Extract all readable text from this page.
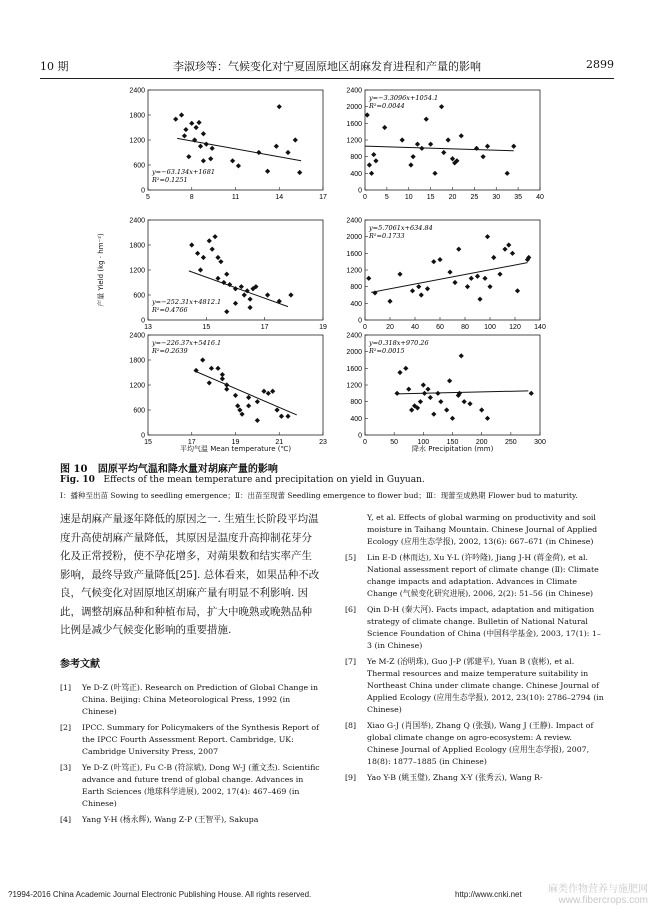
10 期	李淑珍等：气候变化对宁夏固原地区胡麻发育进程和产量的影响	2899
5	8	11	14	17
0
600
1200
1800
2400
y=−63.134x+1681
R²=0.1251
0	5 10 15 20 25 30 35 40
0
400
800
1200
1600
2000
2400
y=−3.3096x+1054.1
R²=0.0044
13	15	17	19
0
600
1200
1800
2400
y=−252.31x+4812.1
R²=0.4766
0	20 40 60 80 100 120 140
0
400
800
1200
1600
2000
2400
y=5.7061x+634.84
R²=0.1733
15	17	19	21	23
0
600
1200
1800
2400
y=−226.37x+5416.1
R²=0.2639
0	50	100 150 200 250 300
0
400
800
1200
1600
2000
2400
y=0.318x+970.26
R²=0.0015
产量 Yield (kg · hm⁻²)
平均气温 Mean temperature (℃)	降水 Precipitation (mm)
图 10 固原平均气温和降水量对胡麻产量的影响
Fig. 10 Effects of the mean temperature and precipitation on yield in Guyuan.
Ⅰ：播种至出苗 Sowing to seedling emergence；Ⅱ：出苗至现蕾 Seedling emergence to flower bud；Ⅲ：现蕾至成熟期 Flower bud to maturity.
速是胡麻产量逐年降低的原因之一. 生殖生长阶段平均温度升高使胡麻产量降低，其原因是温度升高抑制花芽分化及正常授粉，使不孕花增多，对蒴果数和结实率产生影响，最终导致产量降低[25]. 总体看来，如果品种不改良，气候变化对固原地区胡麻产量有明显不利影响. 因此，调整胡麻品种和种植布局，扩大中晚熟或晚熟品种比例是减少气候变化影响的重要措施.
参考文献
[1]	Ye D-Z (叶笃正). Research on Prediction of Global Change in China. Beijing: China Meteorological Press, 1992 (in Chinese)
[2]	IPCC. Summary for Policymakers of the Synthesis Report of the IPCC Fourth Assessment Report. Cambridge, UK: Cambridge University Press, 2007
[3]	Ye D-Z (叶笃正), Fu C-B (符淙斌), Dong W-J (董文杰). Scientific advance and future trend of global change. Advances in Earth Sciences (地球科学进展), 2002, 17(4): 467–469 (in Chinese)
[4]	Yang Y-H (杨永辉), Wang Z-P (王智平), Sakupa
Y, et al. Effects of global warming on productivity and soil moisture in Taihang Mountain. Chinese Journal of Applied Ecology (应用生态学报), 2002, 13(6): 667–671 (in Chinese)
[5]	Lin E-D (林而达), Xu Y-L (许吟隆), Jiang J-H (蒋金荷), et al. National assessment report of climate change (Ⅱ): Climate change impacts and adaptation. Advances in Climate Change (气候变化研究进展), 2006, 2(2): 51–56 (in Chinese)
[6]	Qin D-H (秦大河). Facts impact, adaptation and mitigation strategy of climate change. Bulletin of National Natural Science Foundation of China (中国科学基金), 2003, 17(1): 1–3 (in Chinese)
[7]	Ye M-Z (冶明珠), Guo J-P (郭建平), Yuan B (袁彬), et al. Thermal resources and maize temperature suitability in Northeast China under climate change. Chinese Journal of Applied Ecology (应用生态学报), 2012, 23(10): 2786–2794 (in Chinese)
[8]	Xiao G-J (肖国举), Zhang Q (张强), Wang J (王静). Impact of global climate change on agro-ecosystem: A review. Chinese Journal of Applied Ecology (应用生态学报), 2007, 18(8): 1877–1885 (in Chinese)
[9]	Yao Y-B (姚玉璧), Zhang X-Y (张秀云), Wang R-
?1994-2016 China Academic Journal Electronic Publishing House. All rights reserved.	http://www.cnki.net	麻类作物营养与施肥网
www.fibercrops.com
